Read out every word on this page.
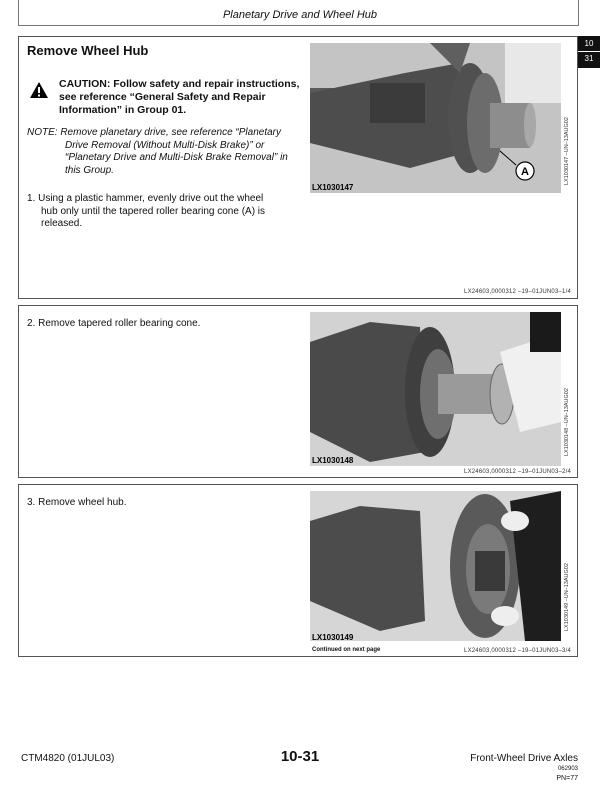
Planetary Drive and Wheel Hub
10
31
Remove Wheel Hub
CAUTION: Follow safety and repair instructions,
see reference “General Safety and Repair
Information” in Group 01.
NOTE: Remove planetary drive, see reference “Planetary
Drive Removal (Without Multi-Disk Brake)” or
“Planetary Drive and Multi-Disk Brake Removal” in
this Group.
1. Using a plastic hammer, evenly drive out the wheel
hub only until the tapered roller bearing cone (A) is
released.
A
LX1030147
LX1030147 –UN–13AUG02
LX24603,0000312 –19–01JUN03–1/4
2. Remove tapered roller bearing cone.
LX1030148
LX1030148 –UN–13AUG02
LX24603,0000312 –19–01JUN03–2/4
3. Remove wheel hub.
LX1030149
LX1030149 –UN–13AUG02
Continued on next page	LX24603,0000312 –19–01JUN03–3/4
CTM4820 (01JUL03)	10-31	Front-Wheel Drive Axles
062903
PN=77
